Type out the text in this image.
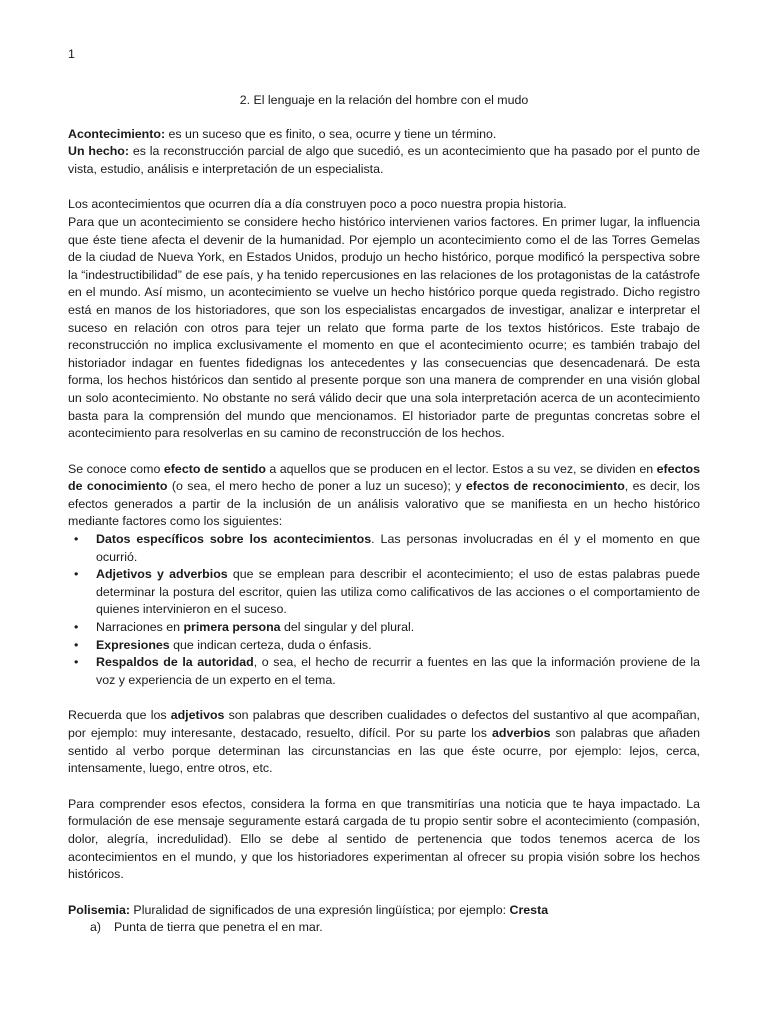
1
2. El lenguaje en la relación del hombre con el mudo

Acontecimiento: es un suceso que es finito, o sea, ocurre y tiene un término.

Un hecho: es la reconstrucción parcial de algo que sucedió, es un acontecimiento que ha pasado por el punto de vista, estudio, análisis e interpretación de un especialista.

Los acontecimientos que ocurren día a día construyen poco a poco nuestra propia historia.

Para que un acontecimiento se considere hecho histórico intervienen varios factores. En primer lugar, la influencia que éste tiene afecta el devenir de la humanidad. Por ejemplo un acontecimiento como el de las Torres Gemelas de la ciudad de Nueva York, en Estados Unidos, produjo un hecho histórico, porque modificó la perspectiva sobre la “indestructibilidad” de ese país, y ha tenido repercusiones en las relaciones de los protagonistas de la catástrofe en el mundo. Así mismo, un acontecimiento se vuelve un hecho histórico porque queda registrado. Dicho registro está en manos de los historiadores, que son los especialistas encargados de investigar, analizar e interpretar el suceso en relación con otros para tejer un relato que forma parte de los textos históricos. Este trabajo de reconstrucción no implica exclusivamente el momento en que el acontecimiento ocurre; es también trabajo del historiador indagar en fuentes fidedignas los antecedentes y las consecuencias que desencadenará. De esta forma, los hechos históricos dan sentido al presente porque son una manera de comprender en una visión global un solo acontecimiento. No obstante no será válido decir que una sola interpretación acerca de un acontecimiento basta para la comprensión del mundo que mencionamos. El historiador parte de preguntas concretas sobre el acontecimiento para resolverlas en su camino de reconstrucción de los hechos.

Se conoce como efecto de sentido a aquellos que se producen en el lector. Estos a su vez, se dividen en efectos de conocimiento (o sea, el mero hecho de poner a luz un suceso); y efectos de reconocimiento, es decir, los efectos generados a partir de la inclusión de un análisis valorativo que se manifiesta en un hecho histórico mediante factores como los siguientes:

• Datos específicos sobre los acontecimientos. Las personas involucradas en él y el momento en que ocurrió.
• Adjetivos y adverbios que se emplean para describir el acontecimiento; el uso de estas palabras puede determinar la postura del escritor, quien las utiliza como calificativos de las acciones o el comportamiento de quienes intervinieron en el suceso.
• Narraciones en primera persona del singular y del plural.
• Expresiones que indican certeza, duda o énfasis.
• Respaldos de la autoridad, o sea, el hecho de recurrir a fuentes en las que la información proviene de la voz y experiencia de un experto en el tema.

Recuerda que los adjetivos son palabras que describen cualidades o defectos del sustantivo al que acompañan, por ejemplo: muy interesante, destacado, resuelto, difícil. Por su parte los adverbios son palabras que añaden sentido al verbo porque determinan las circunstancias en las que éste ocurre, por ejemplo: lejos, cerca, intensamente, luego, entre otros, etc.

Para comprender esos efectos, considera la forma en que transmitirías una noticia que te haya impactado. La formulación de ese mensaje seguramente estará cargada de tu propio sentir sobre el acontecimiento (compasión, dolor, alegría, incredulidad). Ello se debe al sentido de pertenencia que todos tenemos acerca de los acontecimientos en el mundo, y que los historiadores experimentan al ofrecer su propia visión sobre los hechos históricos.

Polisemia: Pluralidad de significados de una expresión lingüística; por ejemplo: Cresta

a) Punta de tierra que penetra el en mar.
